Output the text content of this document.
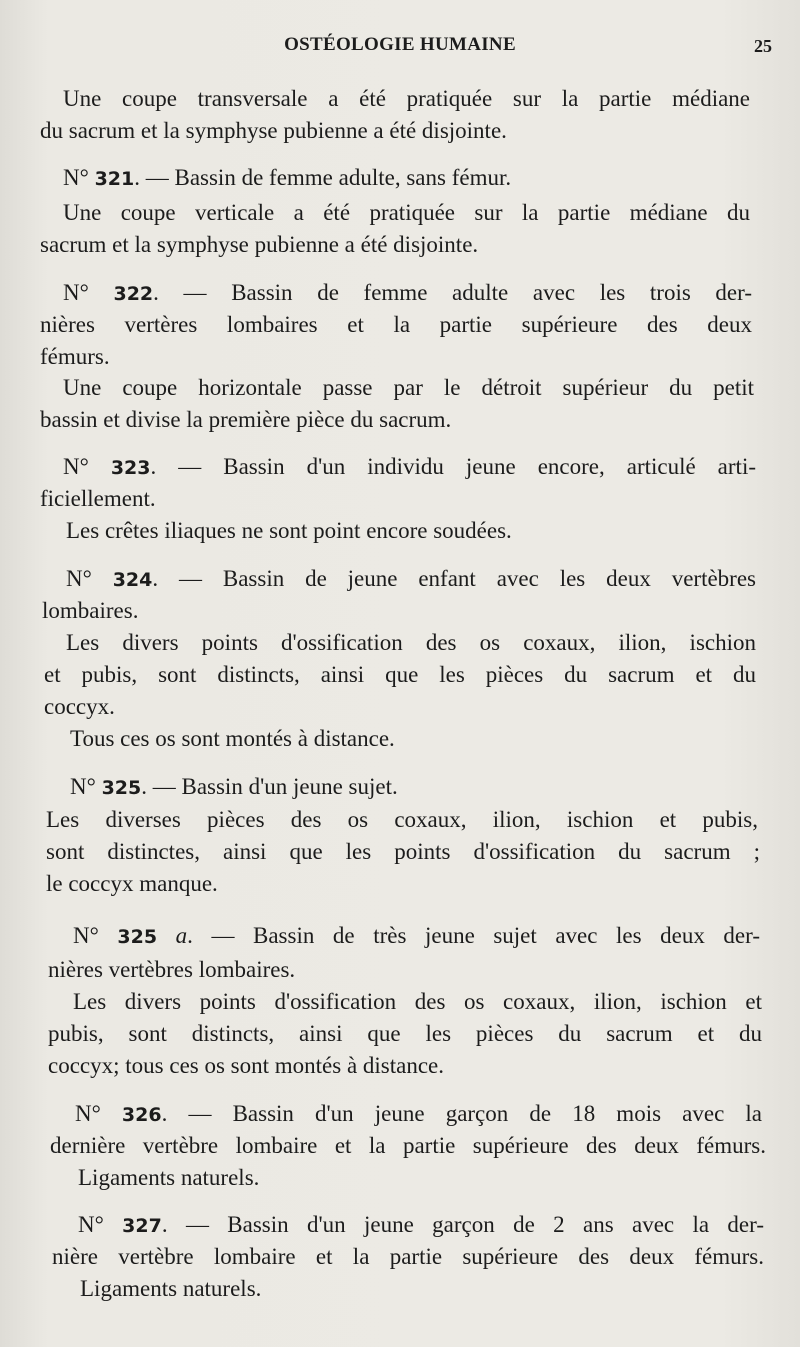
OSTÉOLOGIE HUMAINE	25
Une coupe transversale a été pratiquée sur la partie médiane
du sacrum et la symphyse pubienne a été disjointe.
N° 321. — Bassin de femme adulte, sans fémur.
Une coupe verticale a été pratiquée sur la partie médiane du
sacrum et la symphyse pubienne a été disjointe.
N° 322. — Bassin de femme adulte avec les trois der-
nières vertères lombaires et la partie supérieure des deux
fémurs.
Une coupe horizontale passe par le détroit supérieur du petit
bassin et divise la première pièce du sacrum.
N° 323. — Bassin d'un individu jeune encore, articulé arti-
ficiellement.
Les crêtes iliaques ne sont point encore soudées.
N° 324. — Bassin de jeune enfant avec les deux vertèbres
lombaires.
Les divers points d'ossification des os coxaux, ilion, ischion
et pubis, sont distincts, ainsi que les pièces du sacrum et du
coccyx.
Tous ces os sont montés à distance.
N° 325. — Bassin d'un jeune sujet.
Les diverses pièces des os coxaux, ilion, ischion et pubis,
sont distinctes, ainsi que les points d'ossification du sacrum ;
le coccyx manque.
N° 325 a. — Bassin de très jeune sujet avec les deux der-
nières vertèbres lombaires.
Les divers points d'ossification des os coxaux, ilion, ischion et
pubis, sont distincts, ainsi que les pièces du sacrum et du
coccyx; tous ces os sont montés à distance.
N° 326. — Bassin d'un jeune garçon de 18 mois avec la
dernière vertèbre lombaire et la partie supérieure des deux fémurs.
Ligaments naturels.
N° 327. — Bassin d'un jeune garçon de 2 ans avec la der-
nière vertèbre lombaire et la partie supérieure des deux fémurs.
Ligaments naturels.
